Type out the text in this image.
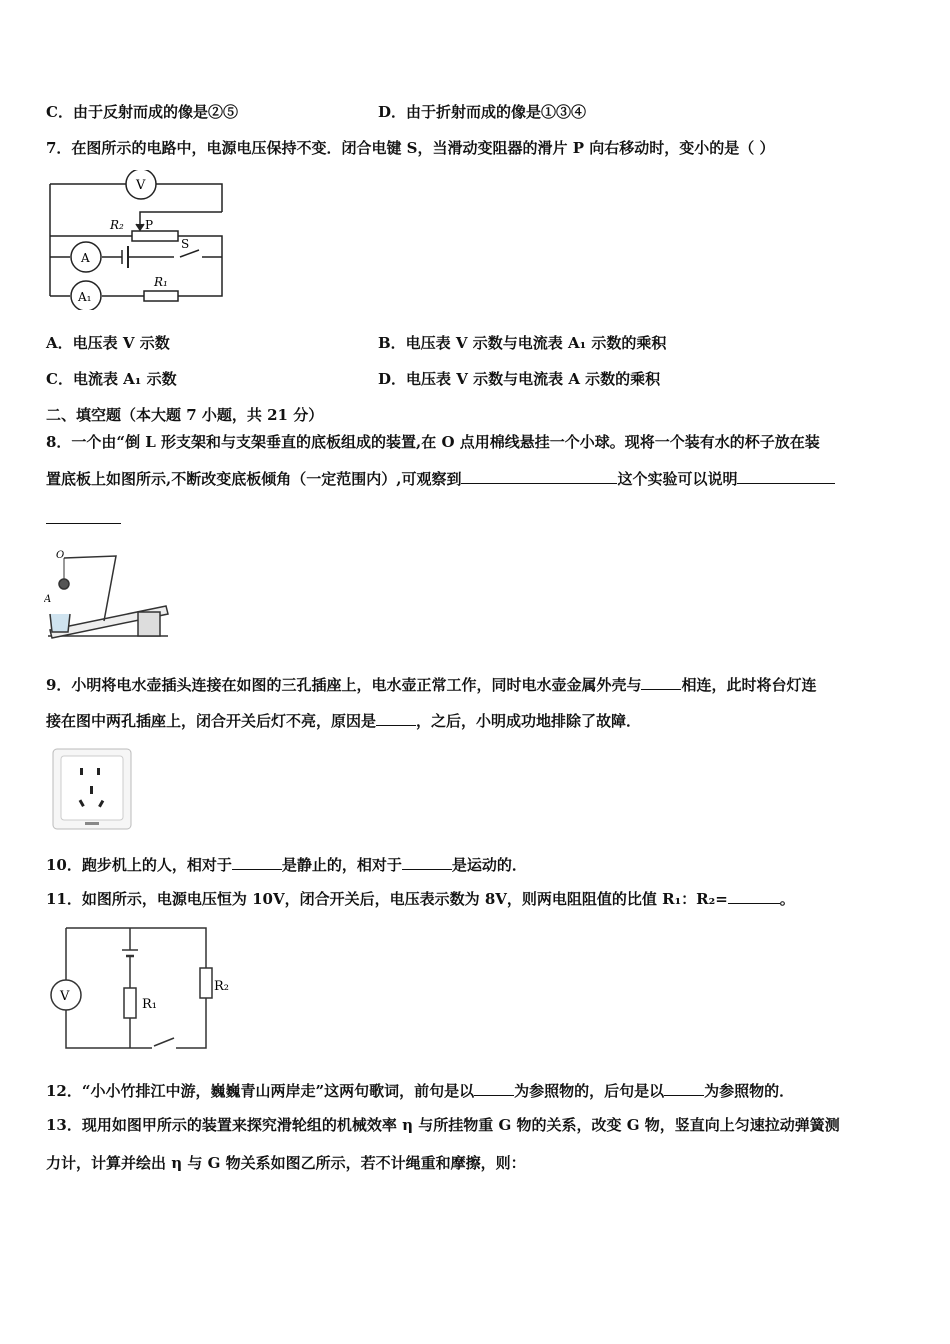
C．由于反射而成的像是②⑤	D．由于折射而成的像是①③④
7．在图所示的电路中，电源电压保持不变．闭合电键 S，当滑动变阻器的滑片 P 向右移动时，变小的是（ ）
V
R₂ P
S
A
A₁
R₁
A．电压表 V 示数	B．电压表 V 示数与电流表 A₁ 示数的乘积
C．电流表 A₁ 示数	D．电压表 V 示数与电流表 A 示数的乘积
二、填空题（本大题 7 小题，共 21 分）
8．一个由“倒 L 形支架和与支架垂直的底板组成的装置,在 O 点用棉线悬挂一个小球。现将一个装有水的杯子放在装
置底板上如图所示,不断改变底板倾角（一定范围内）,可观察到	这个实验可以说明
O
A
9．小明将电水壶插头连接在如图的三孔插座上，电水壶正常工作，同时电水壶金属外壳与	相连，此时将台灯连
接在图中两孔插座上，闭合开关后灯不亮，原因是	，之后，小明成功地排除了故障．
10．跑步机上的人，相对于	是静止的，相对于	是运动的．
11．如图所示，电源电压恒为 10V，闭合开关后，电压表示数为 8V，则两电阻阻值的比值 R₁：R₂=	。
V
R₁
R₂
12．“小小竹排江中游，巍巍青山两岸走”这两句歌词，前句是以	为参照物的，后句是以	为参照物的．
13．现用如图甲所示的装置来探究滑轮组的机械效率 η 与所挂物重 G 物的关系，改变 G 物，竖直向上匀速拉动弹簧测
力计，计算并绘出 η 与 G 物关系如图乙所示，若不计绳重和摩擦，则：
